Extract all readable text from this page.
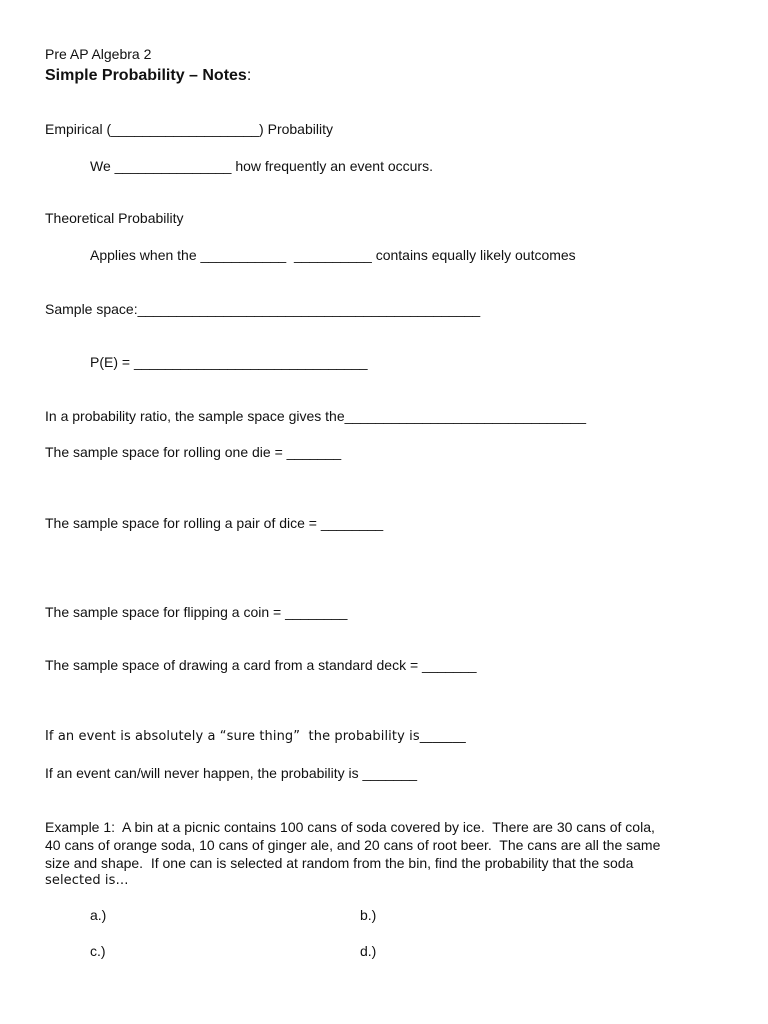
Pre AP Algebra 2
Simple Probability – Notes:
Empirical (___________________) Probability
We _______________ how frequently an event occurs.
Theoretical Probability
Applies when the ___________  __________ contains equally likely outcomes
Sample space:____________________________________________
P(E) = ______________________________
In a probability ratio, the sample space gives the_______________________________
The sample space for rolling one die = _______
The sample space for rolling a pair of dice = ________
The sample space for flipping a coin = ________
The sample space of drawing a card from a standard deck = _______
If an event is absolutely a “sure thing”  the probability is_______
If an event can/will never happen, the probability is _______
Example 1:  A bin at a picnic contains 100 cans of soda covered by ice.  There are 30 cans of cola,
40 cans of orange soda, 10 cans of ginger ale, and 20 cans of root beer.  The cans are all the same
size and shape.  If one can is selected at random from the bin, find the probability that the soda
selected is…
a.)	b.)
c.)	d.)
